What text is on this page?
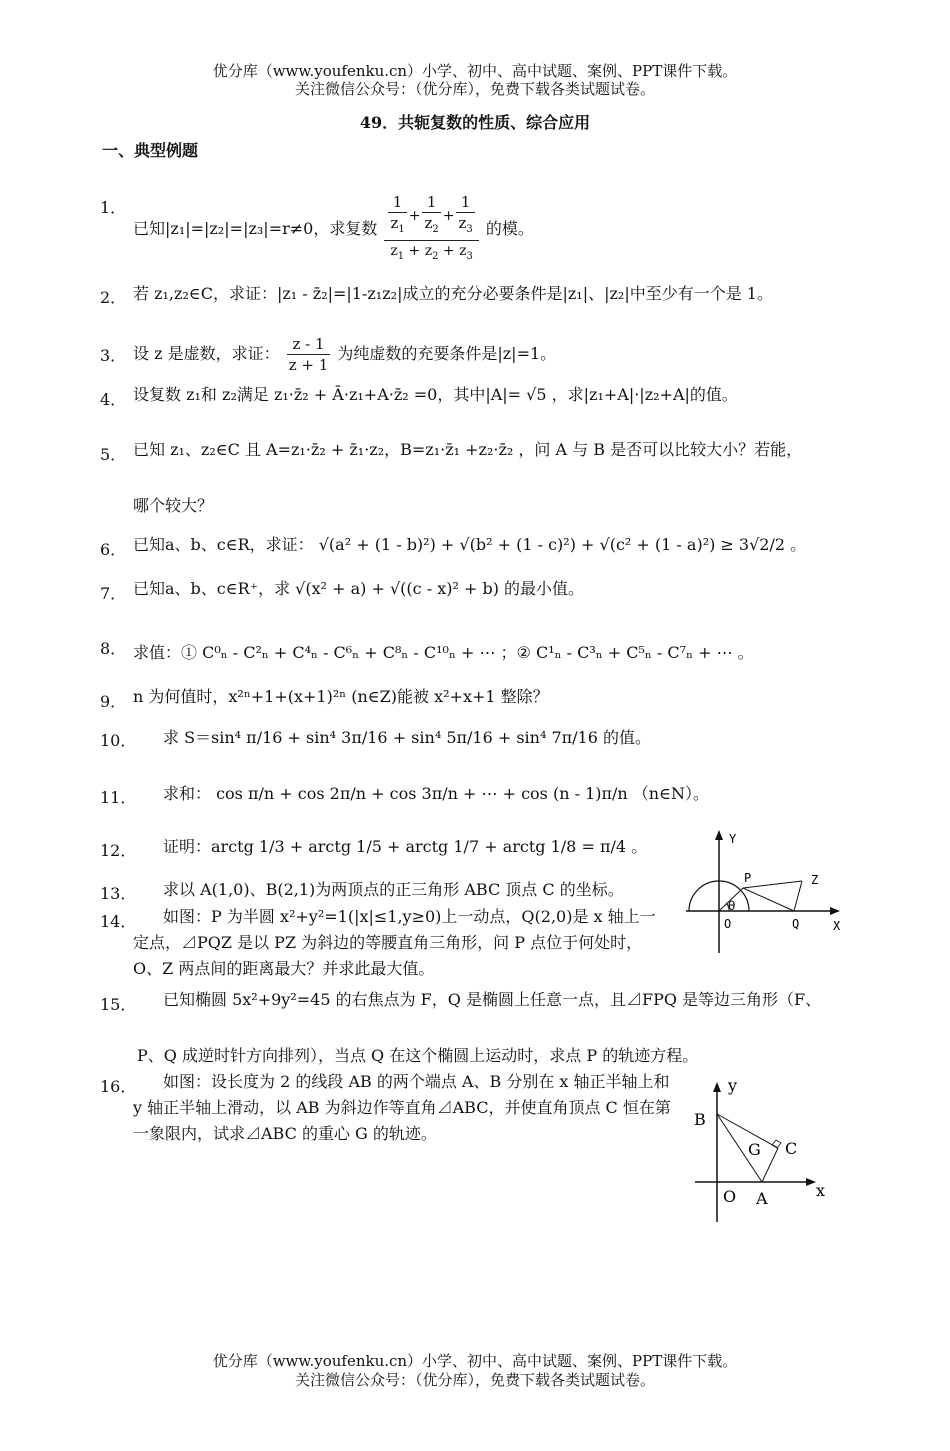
优分库（www.youfenku.cn）小学、初中、高中试题、案例、PPT课件下载。
关注微信公众号：（优分库），免费下载各类试题试卷。
49．共轭复数的性质、综合应用
一、典型例题
1．
已知|z₁|=|z₂|=|z₃|=r≠0，求复数 $\frac{\frac{1}{z_1} + \frac{1}{z_2} + \frac{1}{z_3}}{z_1 + z_2 + z_3}$ 的模。
2． 若 z₁,z₂∈C，求证：|z₁ - z̄₂|=|1-z₁z₂|成立的充分必要条件是|z₁|、|z₂|中至少有一个是 1。
3． 设 z 是虚数，求证： $\frac{z - 1}{z + 1}$ 为纯虚数的充要条件是|z|=1。
4． 设复数 z₁和 z₂满足 z₁·z̄₂ + Ā·z₁+A·z̄₂ =0，其中|A|= √5 ，求|z₁+A|·|z₂+A|的值。
5． 已知 z₁、z₂∈C 且 A=z₁·z̄₂ + z̄₁·z₂，B=z₁·z̄₁ +z₂·z̄₂ ，问 A 与 B 是否可以比较大小？若能，
哪个较大？
6． 已知a、b、c∈R，求证： √(a² + (1 - b)²) + √(b² + (1 - c)²) + √(c² + (1 - a)²) ≥ 3√2/2 。
7． 已知a、b、c∈R⁺，求 √(x² + a) + √((c - x)² + b) 的最小值。
8． 求值：① C⁰ₙ - C²ₙ + C⁴ₙ - C⁶ₙ + C⁸ₙ - C¹⁰ₙ + ⋯ ；② C¹ₙ - C³ₙ + C⁵ₙ - C⁷ₙ + ⋯ 。
9． n 为何值时，x²ⁿ+1+(x+1)²ⁿ (n∈Z)能被 x²+x+1 整除？
10． 求 S＝sin⁴ π/16 + sin⁴ 3π/16 + sin⁴ 5π/16 + sin⁴ 7π/16 的值。
11． 求和： cos π/n + cos 2π/n + cos 3π/n + ⋯ + cos (n - 1)π/n （n∈N）。
12． 证明：arctg 1/3 + arctg 1/5 + arctg 1/7 + arctg 1/8 = π/4 。
13． 求以 A(1,0)、B(2,1)为两顶点的正三角形 ABC 顶点 C 的坐标。
14．	如图：P 为半圆 x²+y²=1(|x|≤1,y≥0)上一动点，Q(2,0)是 x 轴上一定点，⊿PQZ 是以 PZ 为斜边的等腰直角三角形，问 P 点位于何处时，O、Z 两点间的距离最大？并求此最大值。
15．	已知椭圆 5x²+9y²=45 的右焦点为 F，Q 是椭圆上任意一点，且⊿FPQ 是等边三角形（F、
P、Q 成逆时针方向排列），当点 Q 在这个椭圆上运动时，求点 P 的轨迹方程。
16．	如图：设长度为 2 的线段 AB 的两个端点 A、B 分别在 x 轴正半轴上和 y 轴正半轴上滑动，以 AB 为斜边作等直角⊿ABC，并使直角顶点 C 恒在第一象限内，试求⊿ABC 的重心 G 的轨迹。
Y
P	Z
θ
O	Q	X
y
B
G C
O A	x
优分库（www.youfenku.cn）小学、初中、高中试题、案例、PPT课件下载。
关注微信公众号：（优分库），免费下载各类试题试卷。
